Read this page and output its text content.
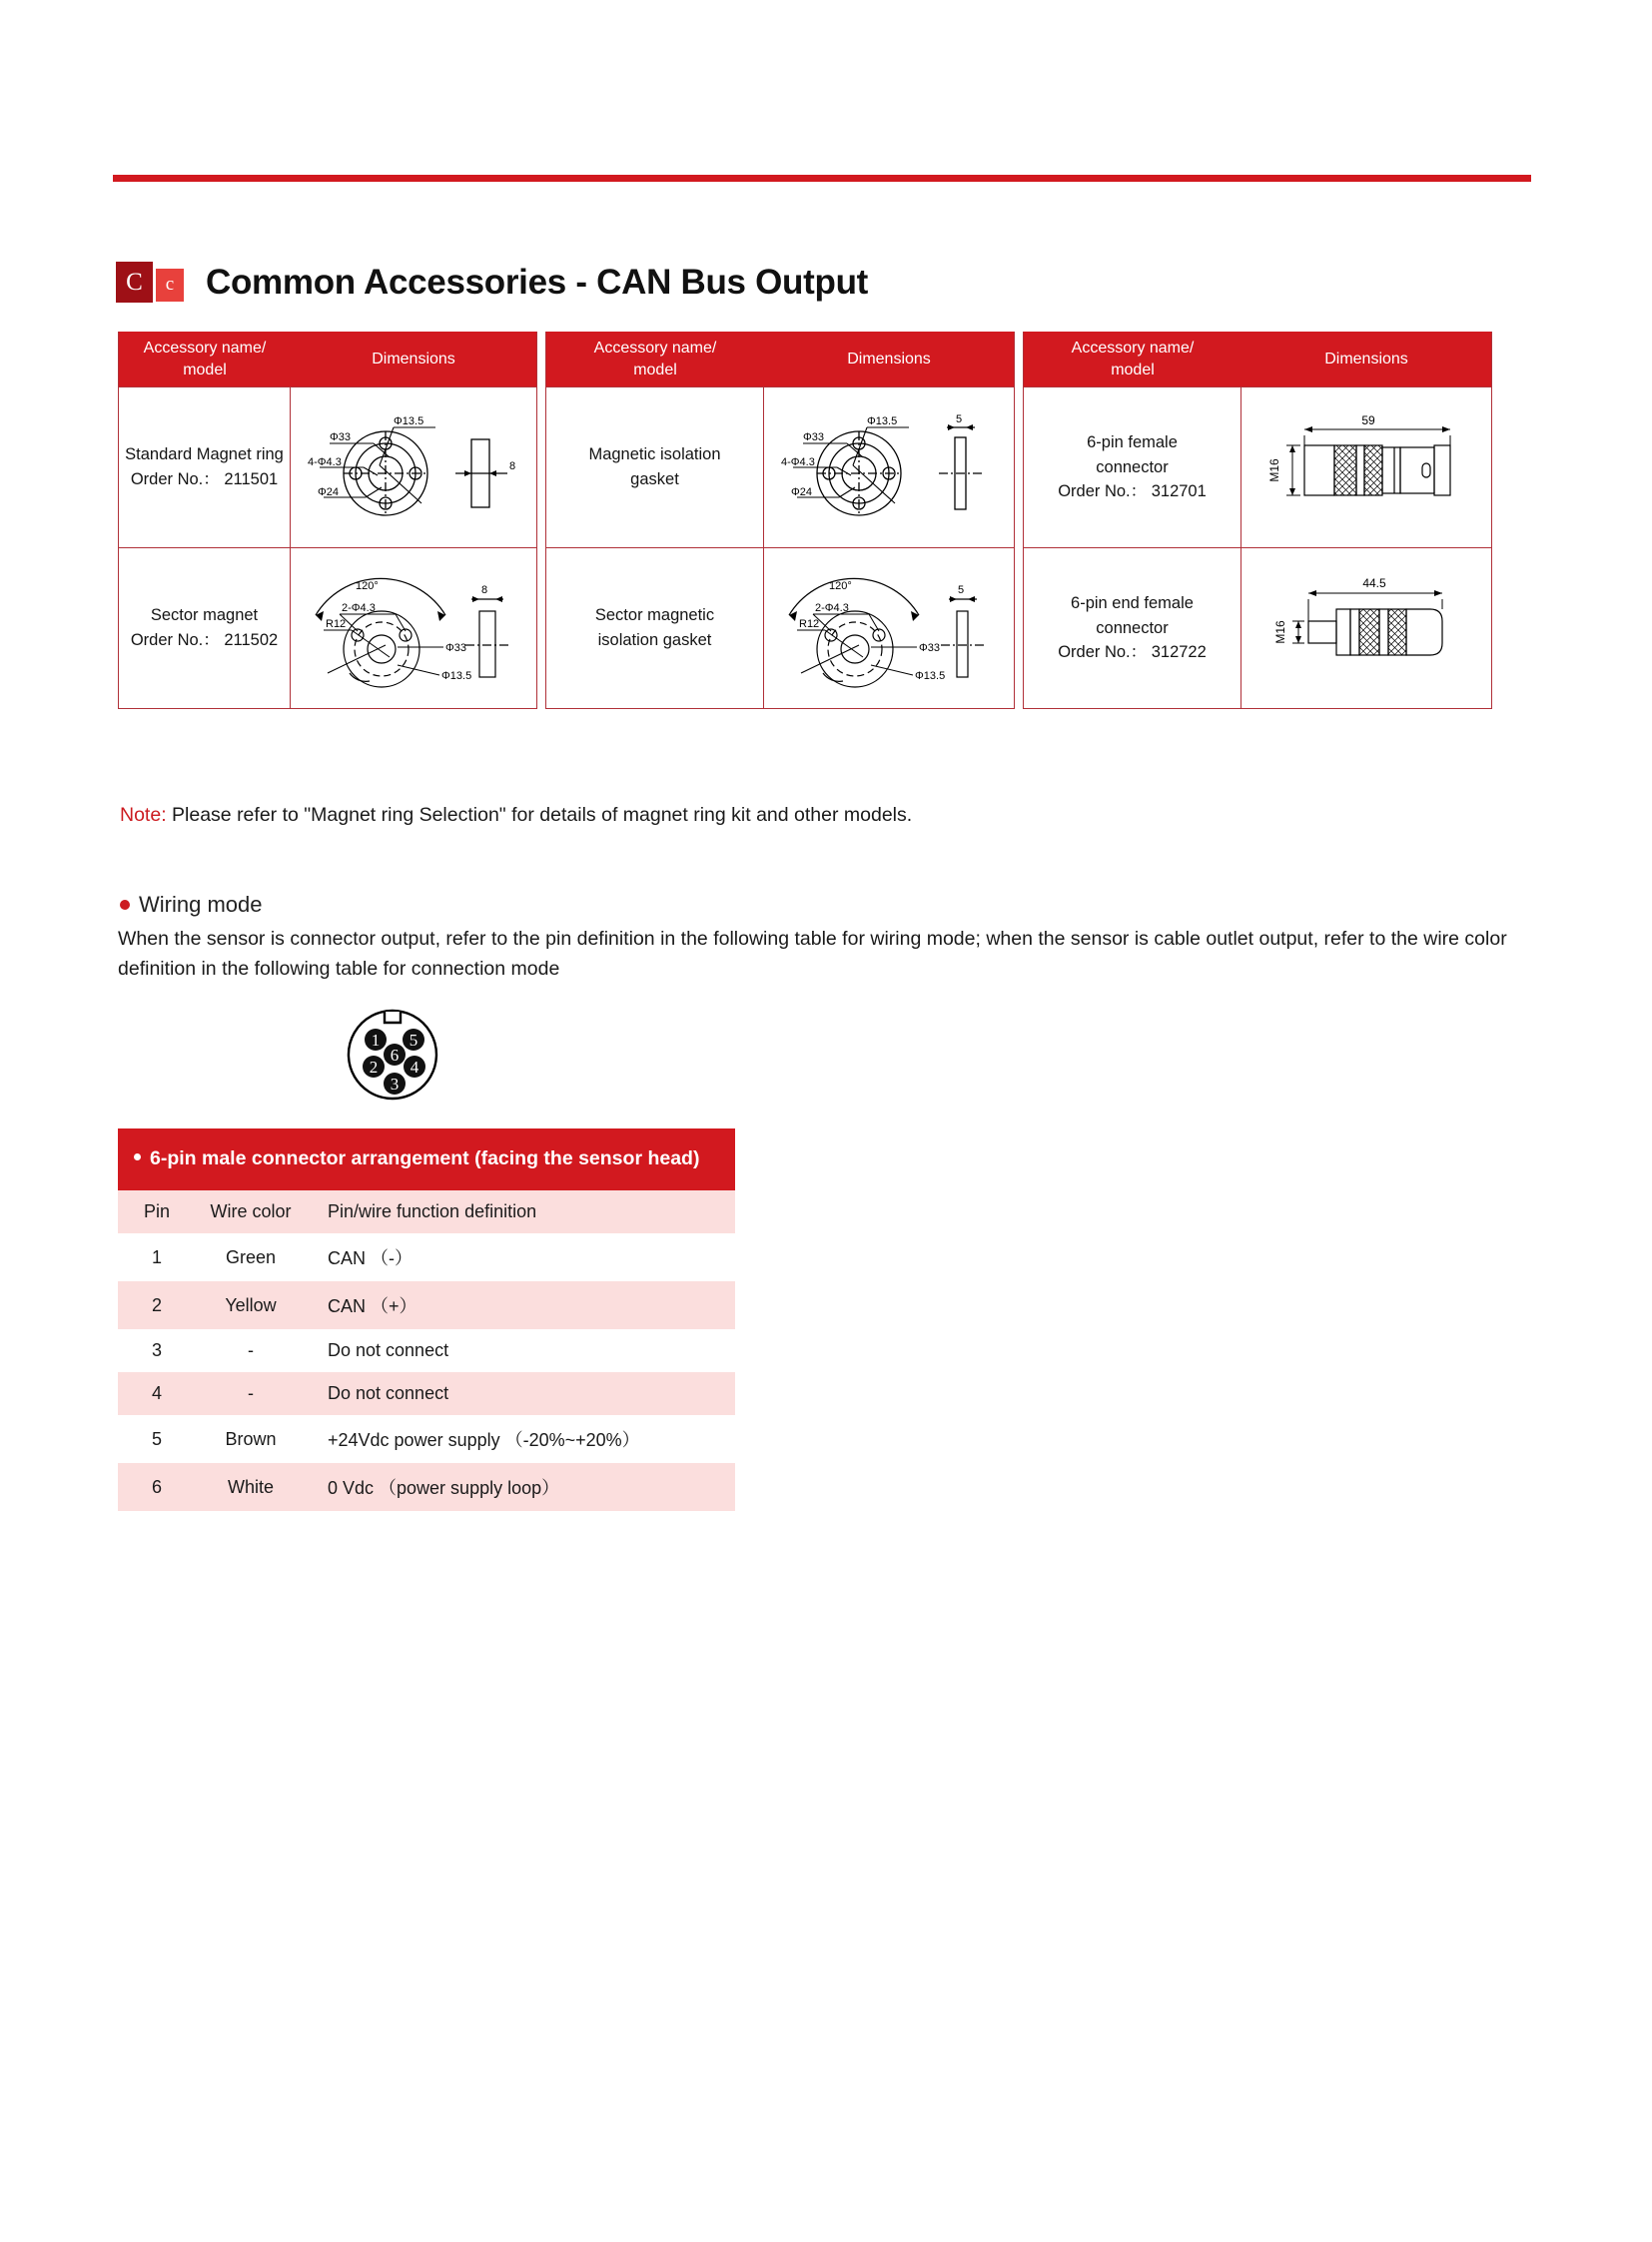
C	c Common Accessories - CAN Bus Output
Accessory name/
model
Dimensions
Standard Magnet ring
Order No.： 211501
Φ33
4-Φ4.3
Φ24
Φ13.5
8
Sector magnet
Order No.： 211502
120°
2-Φ4.3
R12
Φ33
Φ13.5
8
Accessory name/
model
Dimensions
Magnetic isolation
gasket
Φ33
4-Φ4.3
Φ24
Φ13.5	5
Sector magnetic
isolation gasket
120°
2-Φ4.3
R12
Φ33
Φ13.5
5
Accessory name/
model
Dimensions
6-pin female
connector
Order No.： 312701
59
M16
6-pin end female
connector
Order No.： 312722
44.5
M16
Note: Please refer to "Magnet ring Selection" for details of magnet ring kit and other models.
Wiring mode
When the sensor is connector output, refer to the pin definition in the following table for wiring mode; when the sensor is cable outlet output, refer to the wire color definition in the following table for connection mode
1 5
6
2 4
3
6-pin male connector arrangement (facing the sensor head)		
Pin	Wire color	Pin/wire function definition
1	Green	CAN （-）
2	Yellow	CAN （+）
3	-	Do not connect
4	-	Do not connect
5	Brown	+24Vdc power supply （-20%~+20%）
6	White	0 Vdc （power supply loop）
